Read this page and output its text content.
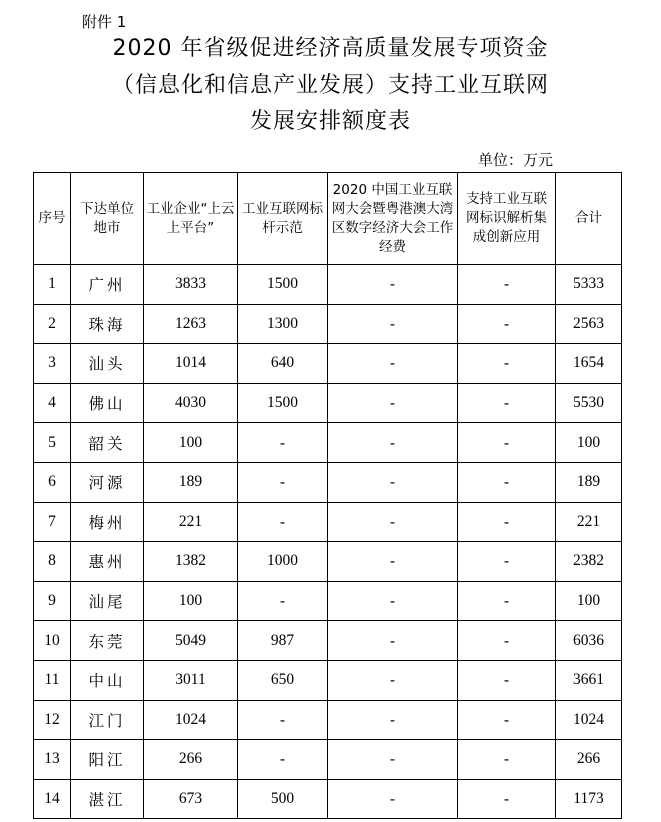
附件 1
2020 年省级促进经济高质量发展专项资金
（信息化和信息产业发展）支持工业互联网
发展安排额度表
单位：万元
序号	下达单位地市	工业企业“上云上平台”	工业互联网标杆示范	2020 中国工业互联网大会暨粤港澳大湾区数字经济大会工作经费	支持工业互联网标识解析集成创新应用	合计

1	广州	3833	1500	-	-	5333
2	珠海	1263	1300	-	-	2563
3	汕头	1014	640	-	-	1654
4	佛山	4030	1500	-	-	5530
5	韶关	100	-	-	-	100
6	河源	189	-	-	-	189
7	梅州	221	-	-	-	221
8	惠州	1382	1000	-	-	2382
9	汕尾	100	-	-	-	100
10	东莞	5049	987	-	-	6036
11	中山	3011	650	-	-	3661
12	江门	1024	-	-	-	1024
13	阳江	266	-	-	-	266
14	湛江	673	500	-	-	1173
